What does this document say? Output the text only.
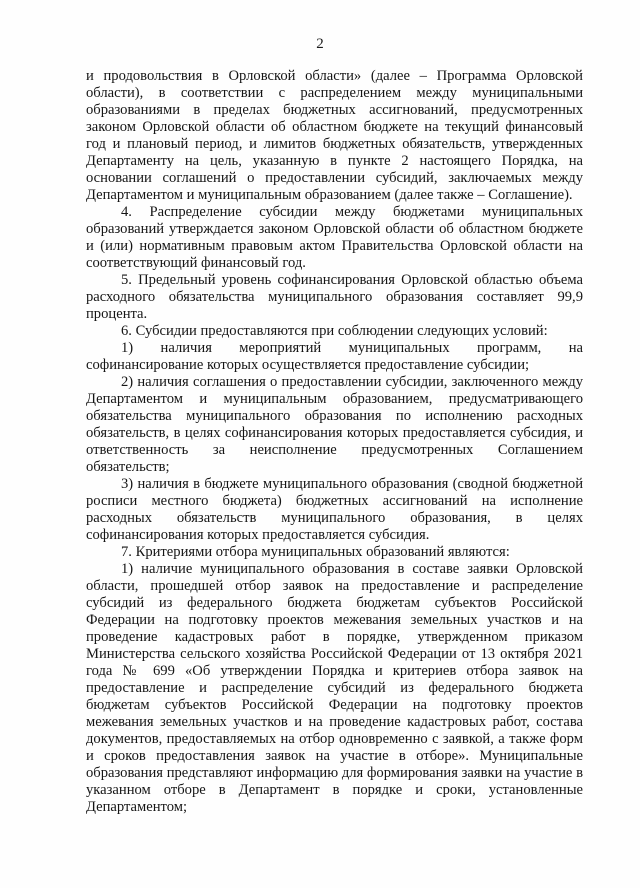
2

и продовольствия в Орловской области» (далее – Программа Орловской области), в соответствии с распределением между муниципальными образованиями в пределах бюджетных ассигнований, предусмотренных законом Орловской области об областном бюджете на текущий финансовый год и плановый период, и лимитов бюджетных обязательств, утвержденных Департаменту на цель, указанную в пункте 2 настоящего Порядка, на основании соглашений о предоставлении субсидий, заключаемых между Департаментом и муниципальным образованием (далее также – Соглашение).

4. Распределение субсидии между бюджетами муниципальных образований утверждается законом Орловской области об областном бюджете и (или) нормативным правовым актом Правительства Орловской области на соответствующий финансовый год.

5. Предельный уровень софинансирования Орловской областью объема расходного обязательства муниципального образования составляет 99,9 процента.

6. Субсидии предоставляются при соблюдении следующих условий:

1) наличия мероприятий муниципальных программ, на софинансирование которых осуществляется предоставление субсидии;

2) наличия соглашения о предоставлении субсидии, заключенного между Департаментом и муниципальным образованием, предусматривающего обязательства муниципального образования по исполнению расходных обязательств, в целях софинансирования которых предоставляется субсидия, и ответственность за неисполнение предусмотренных Соглашением обязательств;

3) наличия в бюджете муниципального образования (сводной бюджетной росписи местного бюджета) бюджетных ассигнований на исполнение расходных обязательств муниципального образования, в целях софинансирования которых предоставляется субсидия.

7. Критериями отбора муниципальных образований являются:

1) наличие муниципального образования в составе заявки Орловской области, прошедшей отбор заявок на предоставление и распределение субсидий из федерального бюджета бюджетам субъектов Российской Федерации на подготовку проектов межевания земельных участков и на проведение кадастровых работ в порядке, утвержденном приказом Министерства сельского хозяйства Российской Федерации от 13 октября 2021 года № 699 «Об утверждении Порядка и критериев отбора заявок на предоставление и распределение субсидий из федерального бюджета бюджетам субъектов Российской Федерации на подготовку проектов межевания земельных участков и на проведение кадастровых работ, состава документов, предоставляемых на отбор одновременно с заявкой, а также форм и сроков предоставления заявок на участие в отборе». Муниципальные образования представляют информацию для формирования заявки на участие в указанном отборе в Департамент в порядке и сроки, установленные Департаментом;
